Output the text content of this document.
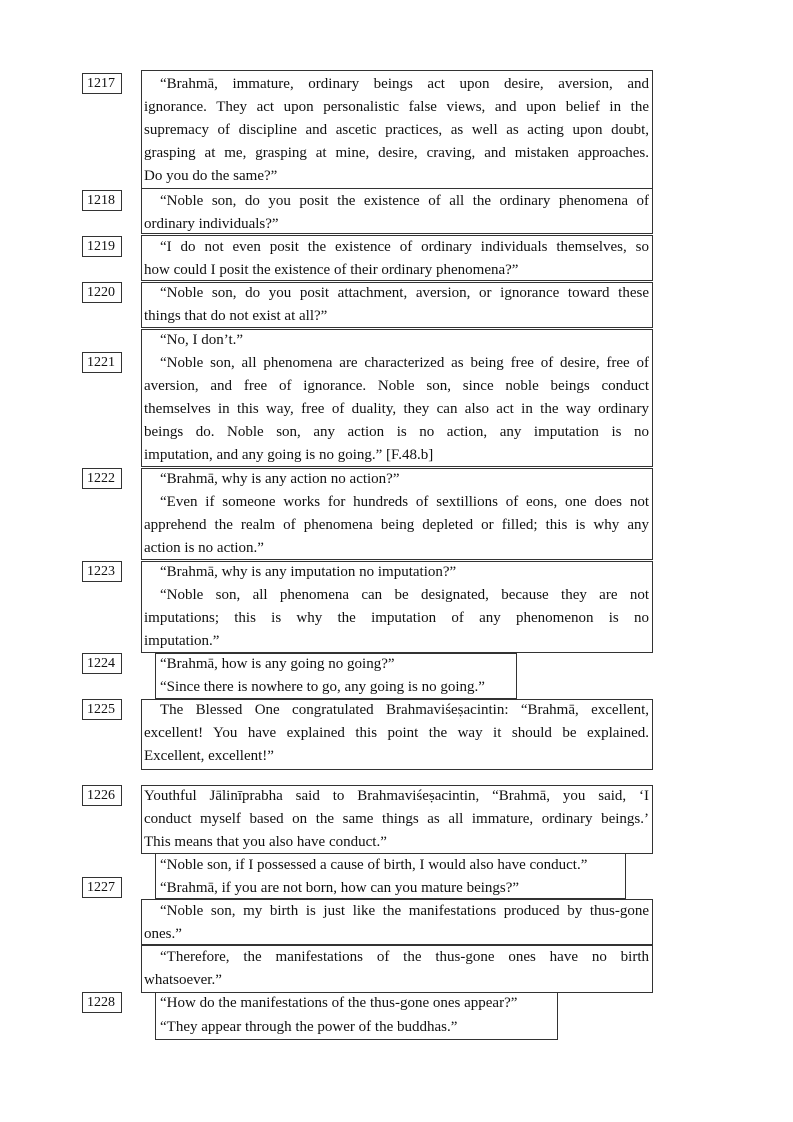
1217
1218
1219
1220
1221
1222
1223
1224
1225
1226
1227
1228
“Brahmā, immature, ordinary beings act upon desire, aversion, and
ignorance. They act upon personalistic false views, and upon belief in the
supremacy of discipline and ascetic practices, as well as acting upon doubt,
grasping at me, grasping at mine, desire, craving, and mistaken approaches.
Do you do the same?”
“Noble son, do you posit the existence of all the ordinary phenomena of
ordinary individuals?”
“I do not even posit the existence of ordinary individuals themselves, so
how could I posit the existence of their ordinary phenomena?”
“Noble son, do you posit attachment, aversion, or ignorance toward these
things that do not exist at all?”
“No, I don’t.”
“Noble son, all phenomena are characterized as being free of desire, free of
aversion, and free of ignorance. Noble son, since noble beings conduct
themselves in this way, free of duality, they can also act in the way ordinary
beings do. Noble son, any action is no action, any imputation is no
imputation, and any going is no going.” [F.48.b]
“Brahmā, why is any action no action?”
“Even if someone works for hundreds of sextillions of eons, one does not
apprehend the realm of phenomena being depleted or filled; this is why any
action is no action.”
“Brahmā, why is any imputation no imputation?”
“Noble son, all phenomena can be designated, because they are not
imputations; this is why the imputation of any phenomenon is no
imputation.”
“Brahmā, how is any going no going?”
“Since there is nowhere to go, any going is no going.”
The Blessed One congratulated Brahmaviśeṣacintin: “Brahmā, excellent,
excellent! You have explained this point the way it should be explained.
Excellent, excellent!”
Youthful Jālinīprabha said to Brahmaviśeṣacintin, “Brahmā, you said, ‘I
conduct myself based on the same things as all immature, ordinary beings.’
This means that you also have conduct.”
“Noble son, if I possessed a cause of birth, I would also have conduct.”
“Brahmā, if you are not born, how can you mature beings?”
“Noble son, my birth is just like the manifestations produced by thus-gone
ones.”
“Therefore, the manifestations of the thus-gone ones have no birth
whatsoever.”
“How do the manifestations of the thus-gone ones appear?”
“They appear through the power of the buddhas.”
